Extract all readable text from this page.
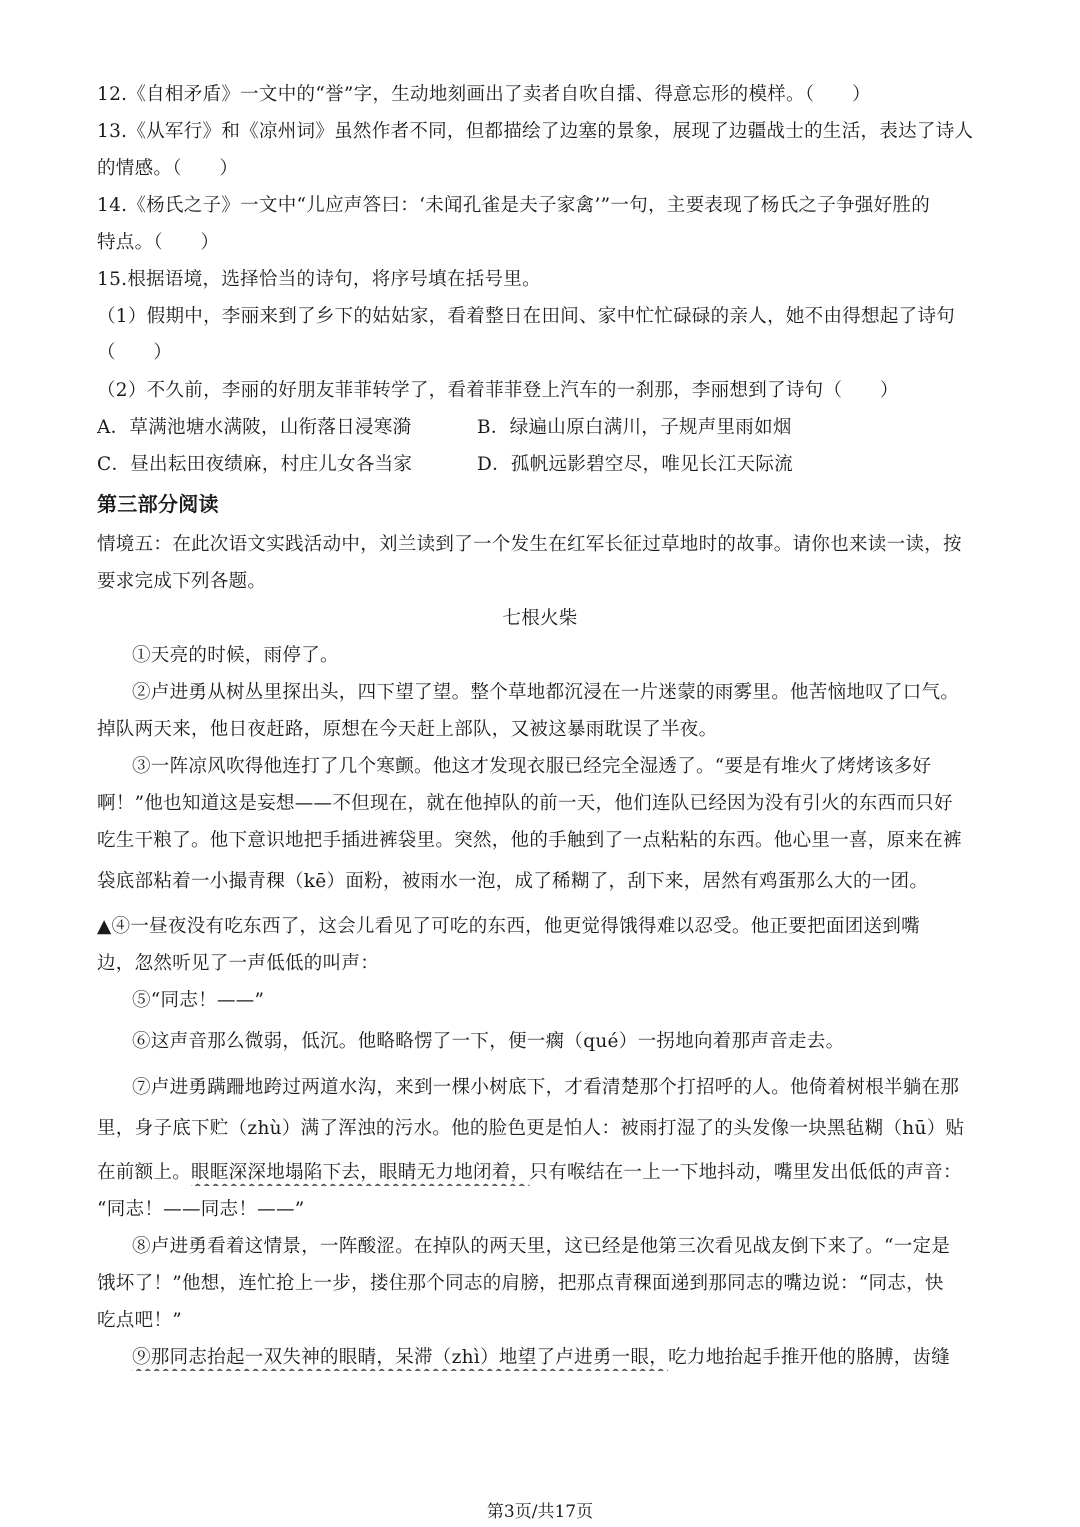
12.《自相矛盾》一文中的“誉”字，生动地刻画出了卖者自吹自擂、得意忘形的模样。（　　）
13.《从军行》和《凉州词》虽然作者不同，但都描绘了边塞的景象，展现了边疆战士的生活，表达了诗人
的情感。（　　）
14.《杨氏之子》一文中“儿应声答曰：‘未闻孔雀是夫子家禽’”一句，主要表现了杨氏之子争强好胜的
特点。（　　）
15.根据语境，选择恰当的诗句，将序号填在括号里。
（1）假期中，李丽来到了乡下的姑姑家，看着整日在田间、家中忙忙碌碌的亲人，她不由得想起了诗句
（　　）
（2）不久前，李丽的好朋友菲菲转学了，看着菲菲登上汽车的一刹那，李丽想到了诗句（　　）
A．草满池塘水满陂，山衔落日浸寒漪	B．绿遍山原白满川，子规声里雨如烟
C．昼出耘田夜绩麻，村庄儿女各当家	D．孤帆远影碧空尽，唯见长江天际流
第三部分阅读
情境五：在此次语文实践活动中，刘兰读到了一个发生在红军长征过草地时的故事。请你也来读一读，按
要求完成下列各题。
七根火柴
①天亮的时候，雨停了。
②卢进勇从树丛里探出头，四下望了望。整个草地都沉浸在一片迷蒙的雨雾里。他苦恼地叹了口气。
掉队两天来，他日夜赶路，原想在今天赶上部队，又被这暴雨耽误了半夜。
③一阵凉风吹得他连打了几个寒颤。他这才发现衣服已经完全湿透了。“要是有堆火了烤烤该多好
啊！”他也知道这是妄想——不但现在，就在他掉队的前一天，他们连队已经因为没有引火的东西而只好
吃生干粮了。他下意识地把手插进裤袋里。突然，他的手触到了一点粘粘的东西。他心里一喜，原来在裤
袋底部粘着一小撮青稞（kē）面粉，被雨水一泡，成了稀糊了，刮下来，居然有鸡蛋那么大的一团。
▲④一昼夜没有吃东西了，这会儿看见了可吃的东西，他更觉得饿得难以忍受。他正要把面团送到嘴
边，忽然听见了一声低低的叫声：
⑤“同志！——”
⑥这声音那么微弱，低沉。他略略愣了一下，便一瘸（qué）一拐地向着那声音走去。
⑦卢进勇蹒跚地跨过两道水沟，来到一棵小树底下，才看清楚那个打招呼的人。他倚着树根半躺在那
里，身子底下贮（zhù）满了浑浊的污水。他的脸色更是怕人：被雨打湿了的头发像一块黑毡糊（hū）贴
在前额上。眼眶深深地塌陷下去，眼睛无力地闭着，只有喉结在一上一下地抖动，嘴里发出低低的声音：
“同志！——同志！——”
⑧卢进勇看着这情景，一阵酸涩。在掉队的两天里，这已经是他第三次看见战友倒下来了。“一定是
饿坏了！”他想，连忙抢上一步，搂住那个同志的肩膀，把那点青稞面递到那同志的嘴边说：“同志，快
吃点吧！”
⑨那同志抬起一双失神的眼睛，呆滞（zhì）地望了卢进勇一眼，吃力地抬起手推开他的胳膊，齿缝
第3页/共17页
